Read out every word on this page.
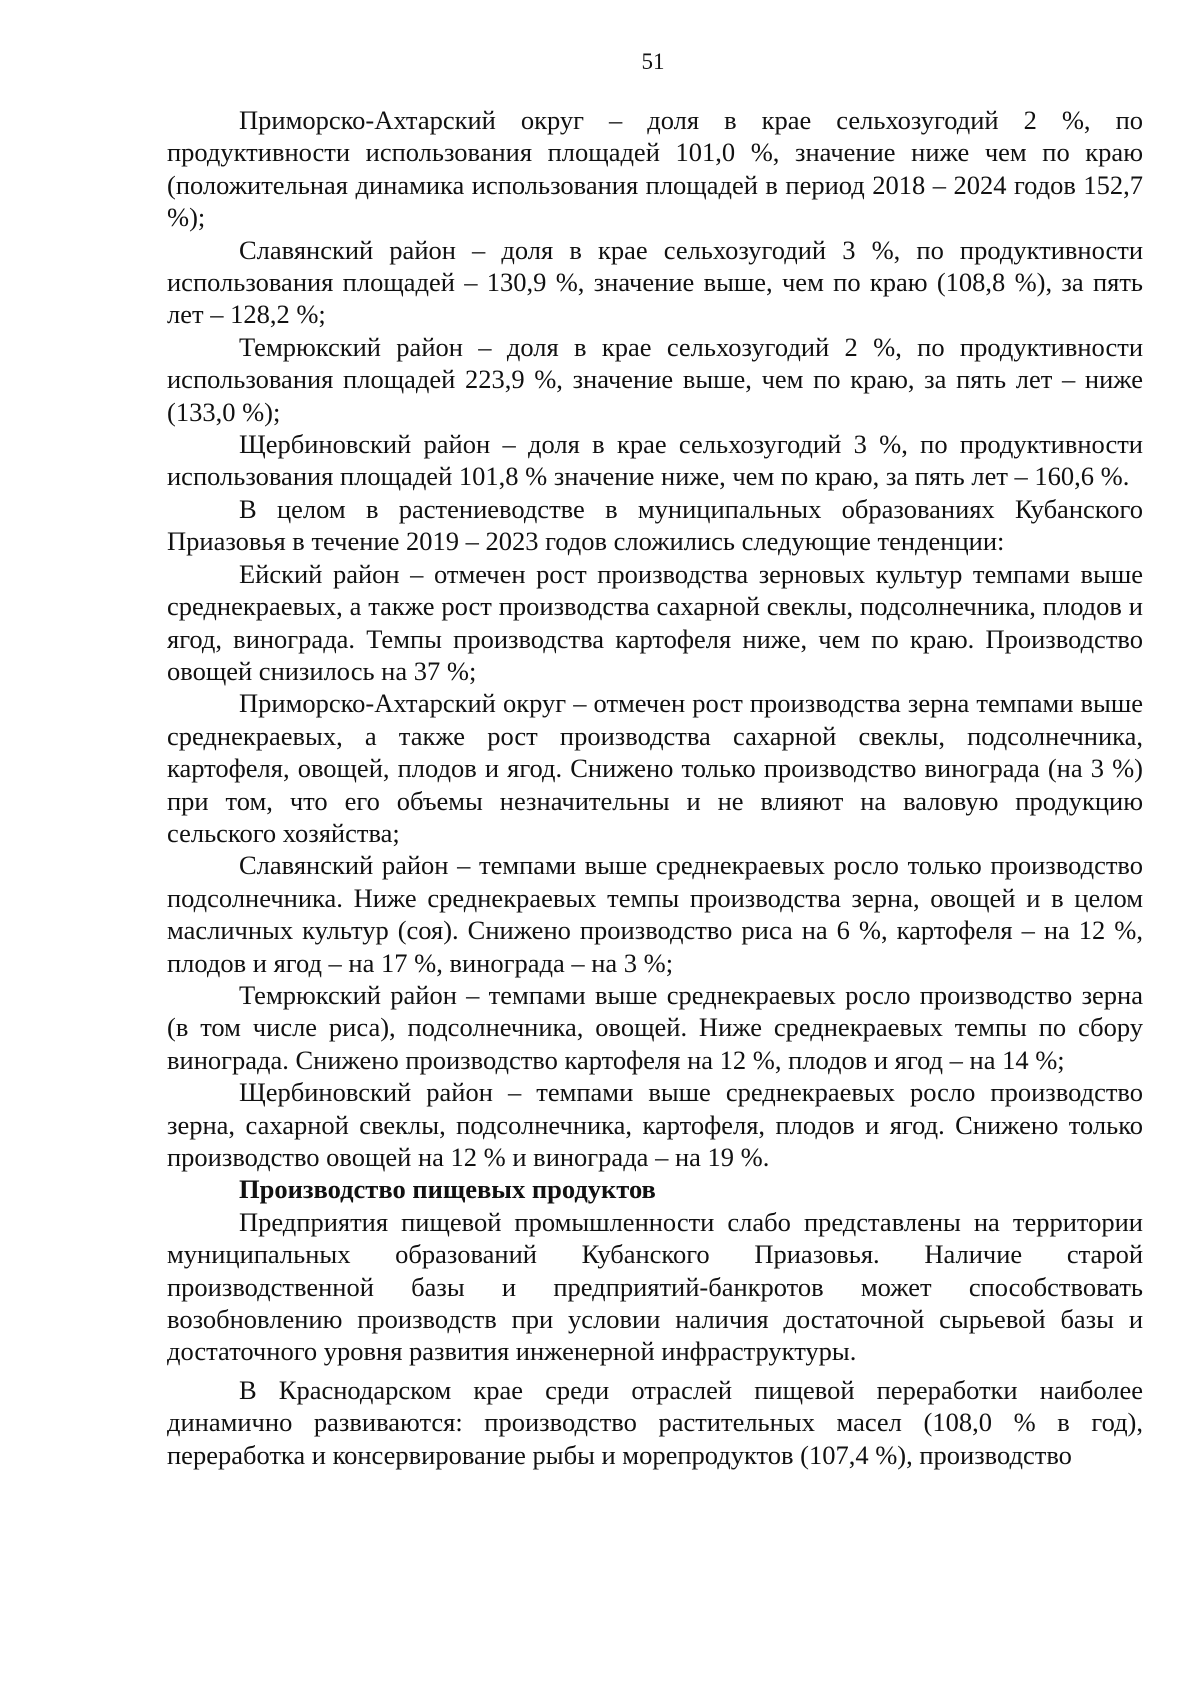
51

Приморско-Ахтарский округ – доля в крае сельхозугодий 2 %, по продуктивности использования площадей 101,0 %, значение ниже чем по краю (положительная динамика использования площадей в период 2018 – 2024 годов 152,7 %);

Славянский район – доля в крае сельхозугодий 3 %, по продуктивности использования площадей – 130,9 %, значение выше, чем по краю (108,8 %), за пять лет – 128,2 %;

Темрюкский район – доля в крае сельхозугодий 2 %, по продуктивности использования площадей 223,9 %, значение выше, чем по краю, за пять лет – ниже (133,0 %);

Щербиновский район – доля в крае сельхозугодий 3 %, по продуктивности использования площадей 101,8 % значение ниже, чем по краю, за пять лет – 160,6 %.

В целом в растениеводстве в муниципальных образованиях Кубанского Приазовья в течение 2019 – 2023 годов сложились следующие тенденции:

Ейский район – отмечен рост производства зерновых культур темпами выше среднекраевых, а также рост производства сахарной свеклы, подсолнечника, плодов и ягод, винограда. Темпы производства картофеля ниже, чем по краю. Производство овощей снизилось на 37 %;

Приморско-Ахтарский округ – отмечен рост производства зерна темпами выше среднекраевых, а также рост производства сахарной свеклы, подсолнечника, картофеля, овощей, плодов и ягод. Снижено только производство винограда (на 3 %) при том, что его объемы незначительны и не влияют на валовую продукцию сельского хозяйства;

Славянский район – темпами выше среднекраевых росло только производство подсолнечника. Ниже среднекраевых темпы производства зерна, овощей и в целом масличных культур (соя). Снижено производство риса на 6 %, картофеля – на 12 %, плодов и ягод – на 17 %, винограда – на 3 %;

Темрюкский район – темпами выше среднекраевых росло производство зерна (в том числе риса), подсолнечника, овощей. Ниже среднекраевых темпы по сбору винограда. Снижено производство картофеля на 12 %, плодов и ягод – на 14 %;

Щербиновский район – темпами выше среднекраевых росло производство зерна, сахарной свеклы, подсолнечника, картофеля, плодов и ягод. Снижено только производство овощей на 12 % и винограда – на 19 %.

Производство пищевых продуктов

Предприятия пищевой промышленности слабо представлены на территории муниципальных образований Кубанского Приазовья. Наличие старой производственной базы и предприятий-банкротов может способствовать возобновлению производств при условии наличия достаточной сырьевой базы и достаточного уровня развития инженерной инфраструктуры.

В Краснодарском крае среди отраслей пищевой переработки наиболее динамично развиваются: производство растительных масел (108,0 % в год), переработка и консервирование рыбы и морепродуктов (107,4 %), производство
